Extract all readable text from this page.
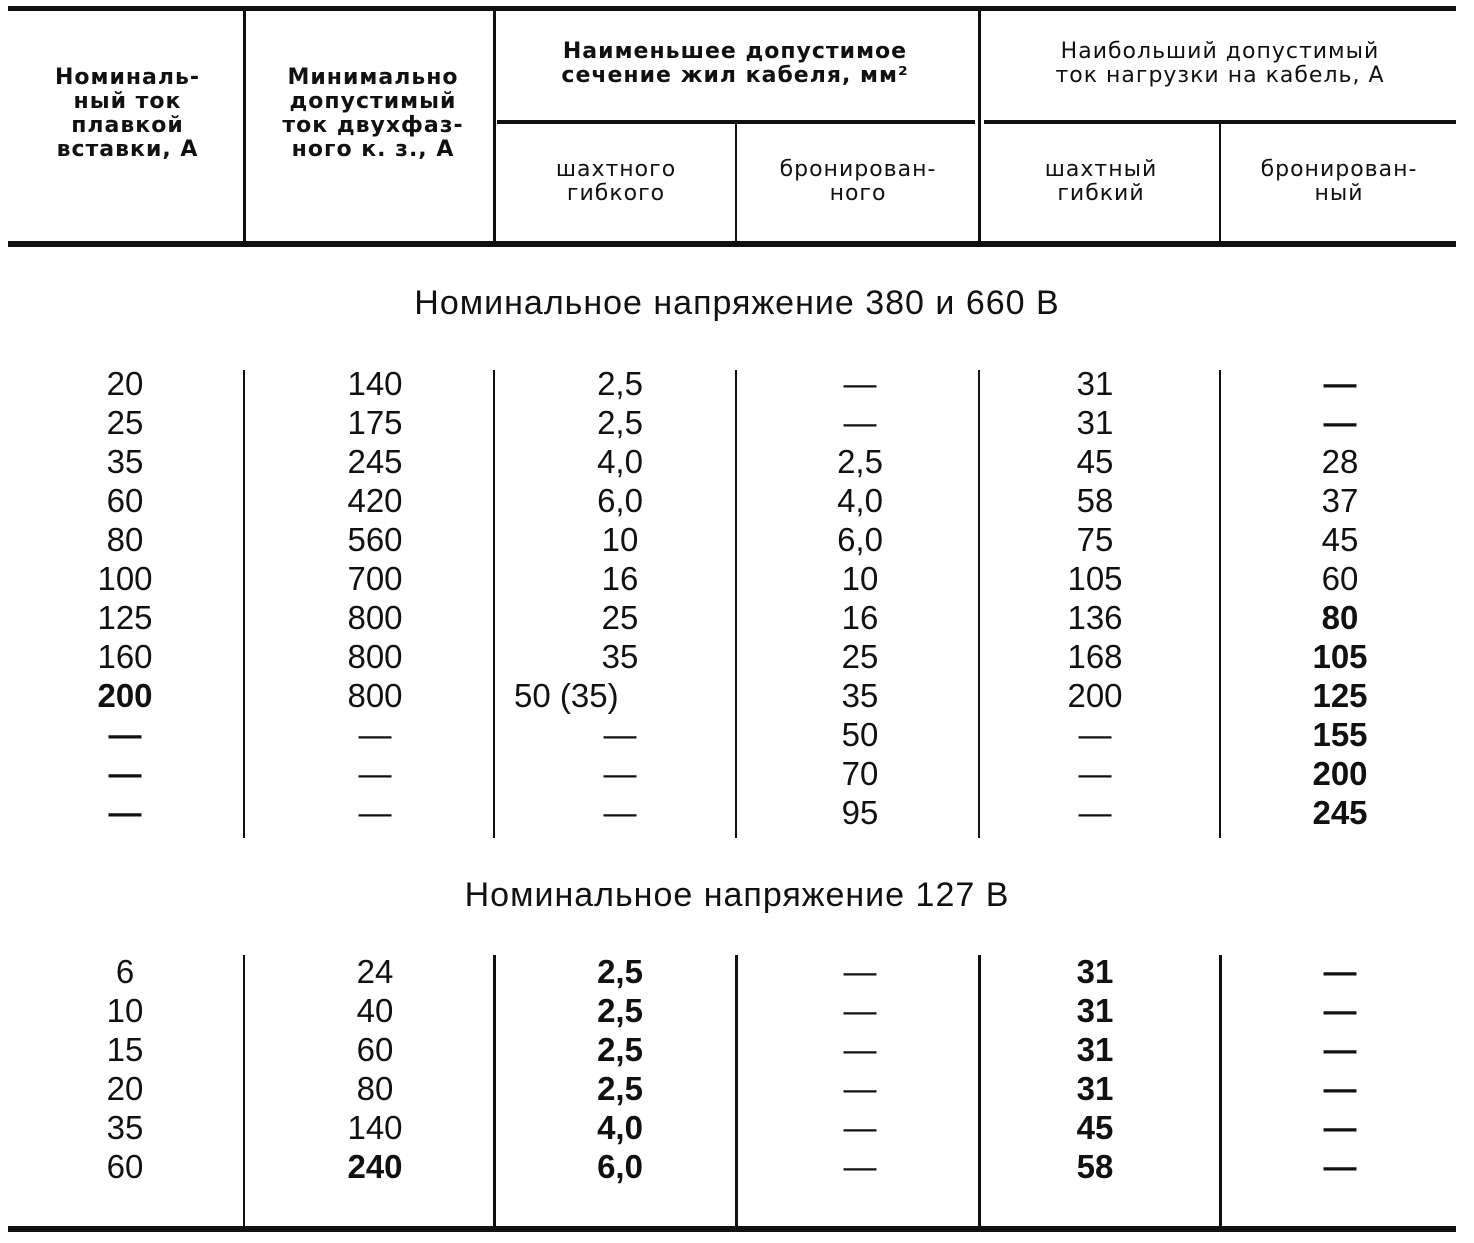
Номиналь-
ный ток
плавкой
вставки, А
Минимально
допустимый
ток двухфаз-
ного к. з., А
Наименьшее допустимое
сечение жил кабеля, мм²
шахтного
гибкого
бронирован-
ного
Наибольший допустимый
ток нагрузки на кабель, А
шахтный
гибкий
бронирован-
ный
Номинальное напряжение 380 и 660 В
20
25
35
60
80
100
125
160
200
—
—
—
140
175
245
420
560
700
800
800
800
—
—
—
2,5
2,5
4,0
6,0
10
16
25
35
50 (35)
—
—
—
—
—
2,5
4,0
6,0
10
16
25
35
50
70
95
31
31
45
58
75
105
136
168
200
—
—
—
—
—
28
37
45
60
80
105
125
155
200
245
Номинальное напряжение 127 В
6
10
15
20
35
60
24
40
60
80
140
240
2,5
2,5
2,5
2,5
4,0
6,0
—
—
—
—
—
—
31
31
31
31
45
58
—
—
—
—
—
—
